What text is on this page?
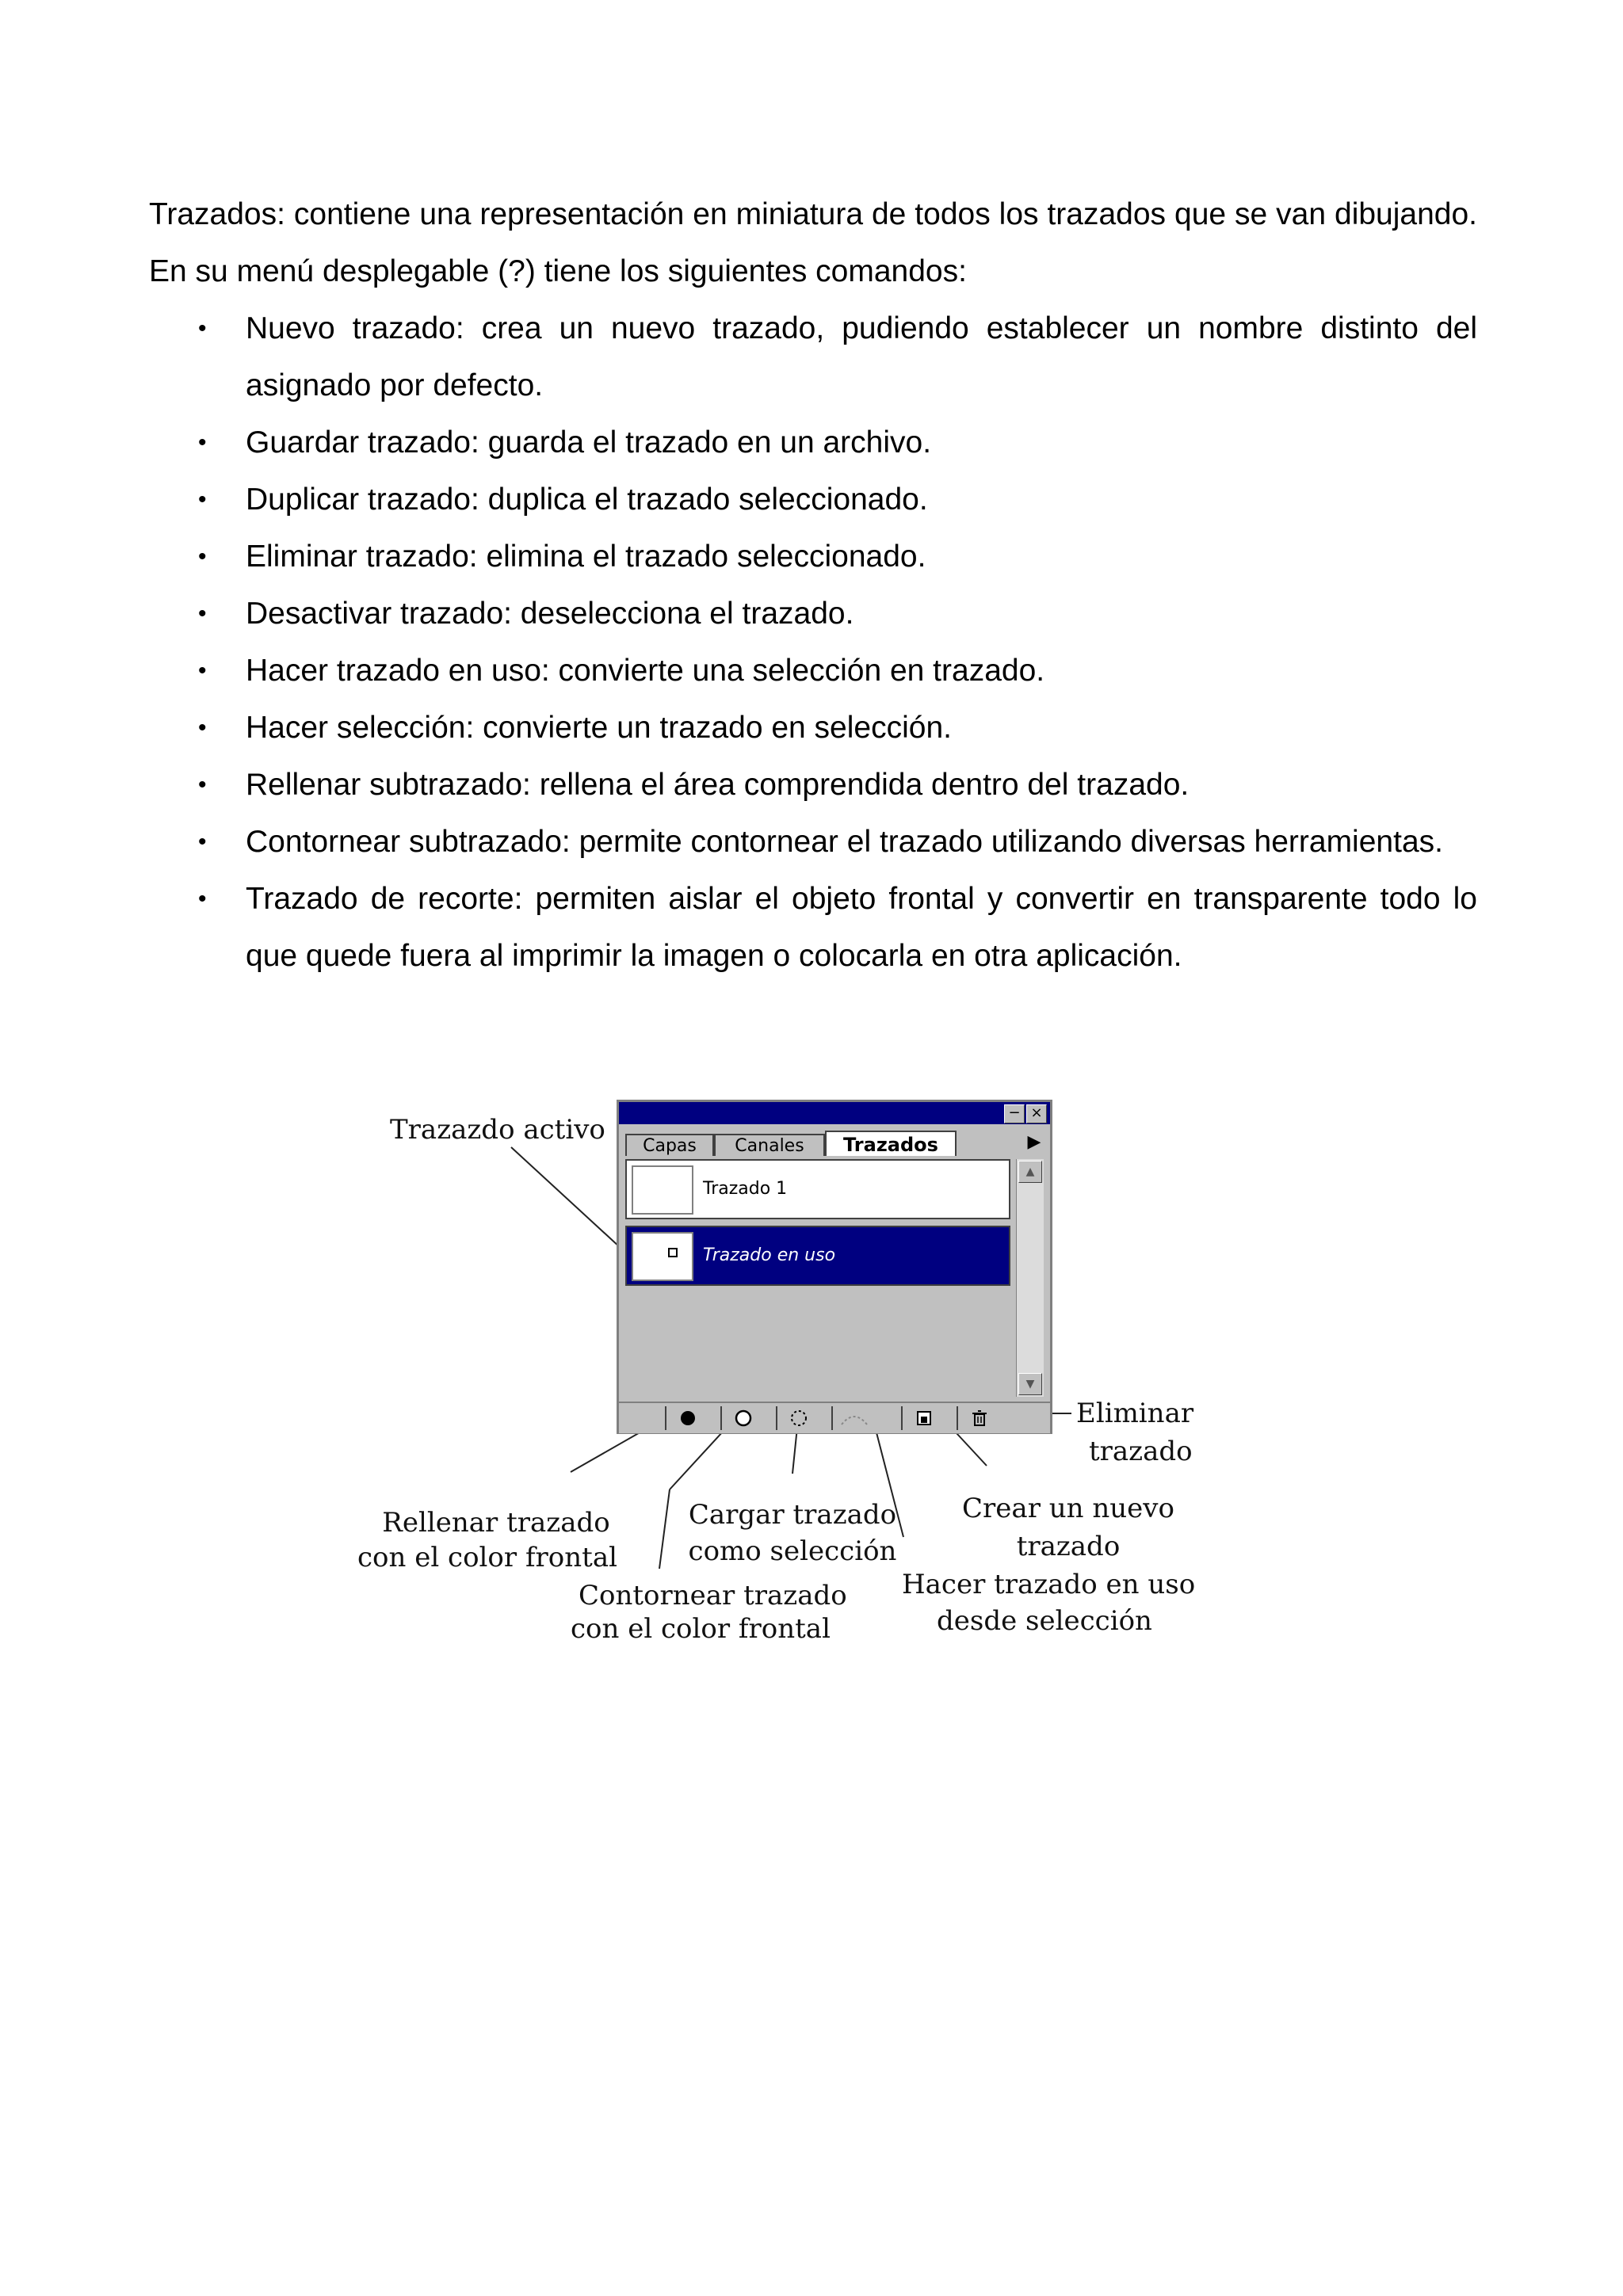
Trazados: contiene una representación en miniatura de todos los trazados que se van dibujando. En su menú desplegable (?) tiene los siguientes comandos:

• Nuevo trazado: crea un nuevo trazado, pudiendo establecer un nombre distinto del asignado por defecto.
• Guardar trazado: guarda el trazado en un archivo.
• Duplicar trazado: duplica el trazado seleccionado.
• Eliminar trazado: elimina el trazado seleccionado.
• Desactivar trazado: deselecciona el trazado.
• Hacer trazado en uso: convierte una selección en trazado.
• Hacer selección: convierte un trazado en selección.
• Rellenar subtrazado: rellena el área comprendida dentro del trazado.
• Contornear subtrazado: permite contornear el trazado utilizando diversas herramientas.
• Trazado de recorte: permiten aislar el objeto frontal y convertir en transparente todo lo que quede fuera al imprimir la imagen o colocarla en otra aplicación.
− ×
Capas	Canales	Trazados	▶
Trazado 1
Trazado en uso
▲
▼
Trazazdo activo
Eliminar
trazado
Rellenar trazado
con el color frontal
Contornear trazado
con el color frontal
Cargar trazado
como selección
Crear un nuevo
trazado
Hacer trazado en uso
desde selección
